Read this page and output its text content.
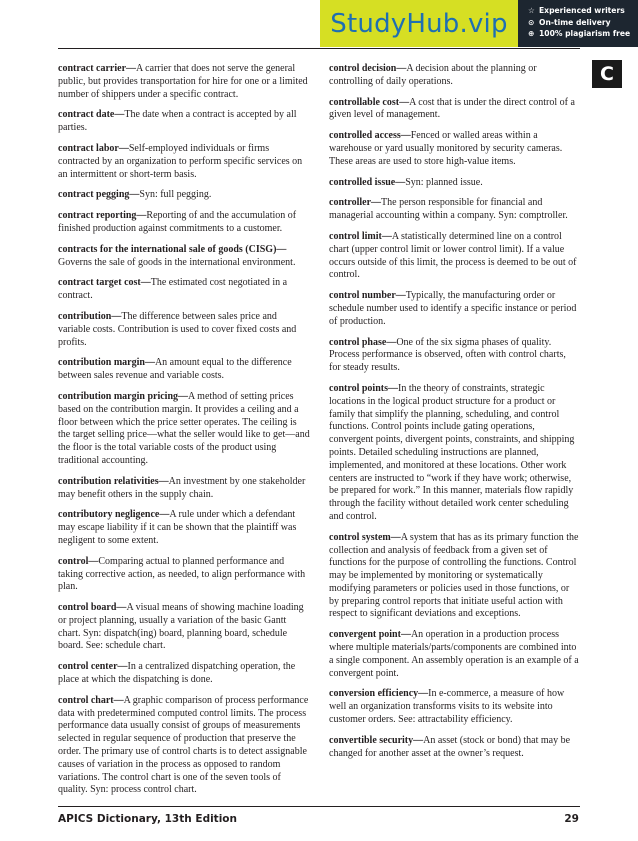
StudyHub.vip	☆ Experienced writers
⊙ On-time delivery
⊕ 100% plagiarism free
C
contract carrier—A carrier that does not serve the general public, but provides transportation for hire for one or a limited number of shippers under a specific contract.
contract date—The date when a contract is accepted by all parties.
contract labor—Self-employed individuals or firms contracted by an organization to perform specific services on an intermittent or short-term basis.
contract pegging—Syn: full pegging.
contract reporting—Reporting of and the accumulation of finished production against commitments to a customer.
contracts for the international sale of goods (CISG)—Governs the sale of goods in the international environment.
contract target cost—The estimated cost negotiated in a contract.
contribution—The difference between sales price and variable costs. Contribution is used to cover fixed costs and profits.
contribution margin—An amount equal to the difference between sales revenue and variable costs.
contribution margin pricing—A method of setting prices based on the contribution margin. It provides a ceiling and a floor between which the price setter operates. The ceiling is the target selling price—what the seller would like to get—and the floor is the total variable costs of the product using traditional accounting.
contribution relativities—An investment by one stakeholder may benefit others in the supply chain.
contributory negligence—A rule under which a defendant may escape liability if it can be shown that the plaintiff was negligent to some extent.
control—Comparing actual to planned performance and taking corrective action, as needed, to align performance with plan.
control board—A visual means of showing machine loading or project planning, usually a variation of the basic Gantt chart. Syn: dispatch(ing) board, planning board, schedule board. See: schedule chart.
control center—In a centralized dispatching operation, the place at which the dispatching is done.
control chart—A graphic comparison of process performance data with predetermined computed control limits. The process performance data usually consist of groups of measurements selected in regular sequence of production that preserve the order. The primary use of control charts is to detect assignable causes of variation in the process as opposed to random variations. The control chart is one of the seven tools of quality. Syn: process control chart.
control decision—A decision about the planning or controlling of daily operations.
controllable cost—A cost that is under the direct control of a given level of management.
controlled access—Fenced or walled areas within a warehouse or yard usually monitored by security cameras. These areas are used to store high-value items.
controlled issue—Syn: planned issue.
controller—The person responsible for financial and managerial accounting within a company. Syn: comptroller.
control limit—A statistically determined line on a control chart (upper control limit or lower control limit). If a value occurs outside of this limit, the process is deemed to be out of control.
control number—Typically, the manufacturing order or schedule number used to identify a specific instance or period of production.
control phase—One of the six sigma phases of quality. Process performance is observed, often with control charts, for steady results.
control points—In the theory of constraints, strategic locations in the logical product structure for a product or family that simplify the planning, scheduling, and control functions. Control points include gating operations, convergent points, divergent points, constraints, and shipping points. Detailed scheduling instructions are planned, implemented, and monitored at these locations. Other work centers are instructed to “work if they have work; otherwise, be prepared for work.” In this manner, materials flow rapidly through the facility without detailed work center scheduling and control.
control system—A system that has as its primary function the collection and analysis of feedback from a given set of functions for the purpose of controlling the functions. Control may be implemented by monitoring or systematically modifying parameters or policies used in those functions, or by preparing control reports that initiate useful action with respect to significant deviations and exceptions.
convergent point—An operation in a production process where multiple materials/parts/components are combined into a single component. An assembly operation is an example of a convergent point.
conversion efficiency—In e-commerce, a measure of how well an organization transforms visits to its website into customer orders. See: attractability efficiency.
convertible security—An asset (stock or bond) that may be changed for another asset at the owner’s request.
APICS Dictionary, 13th Edition	29
